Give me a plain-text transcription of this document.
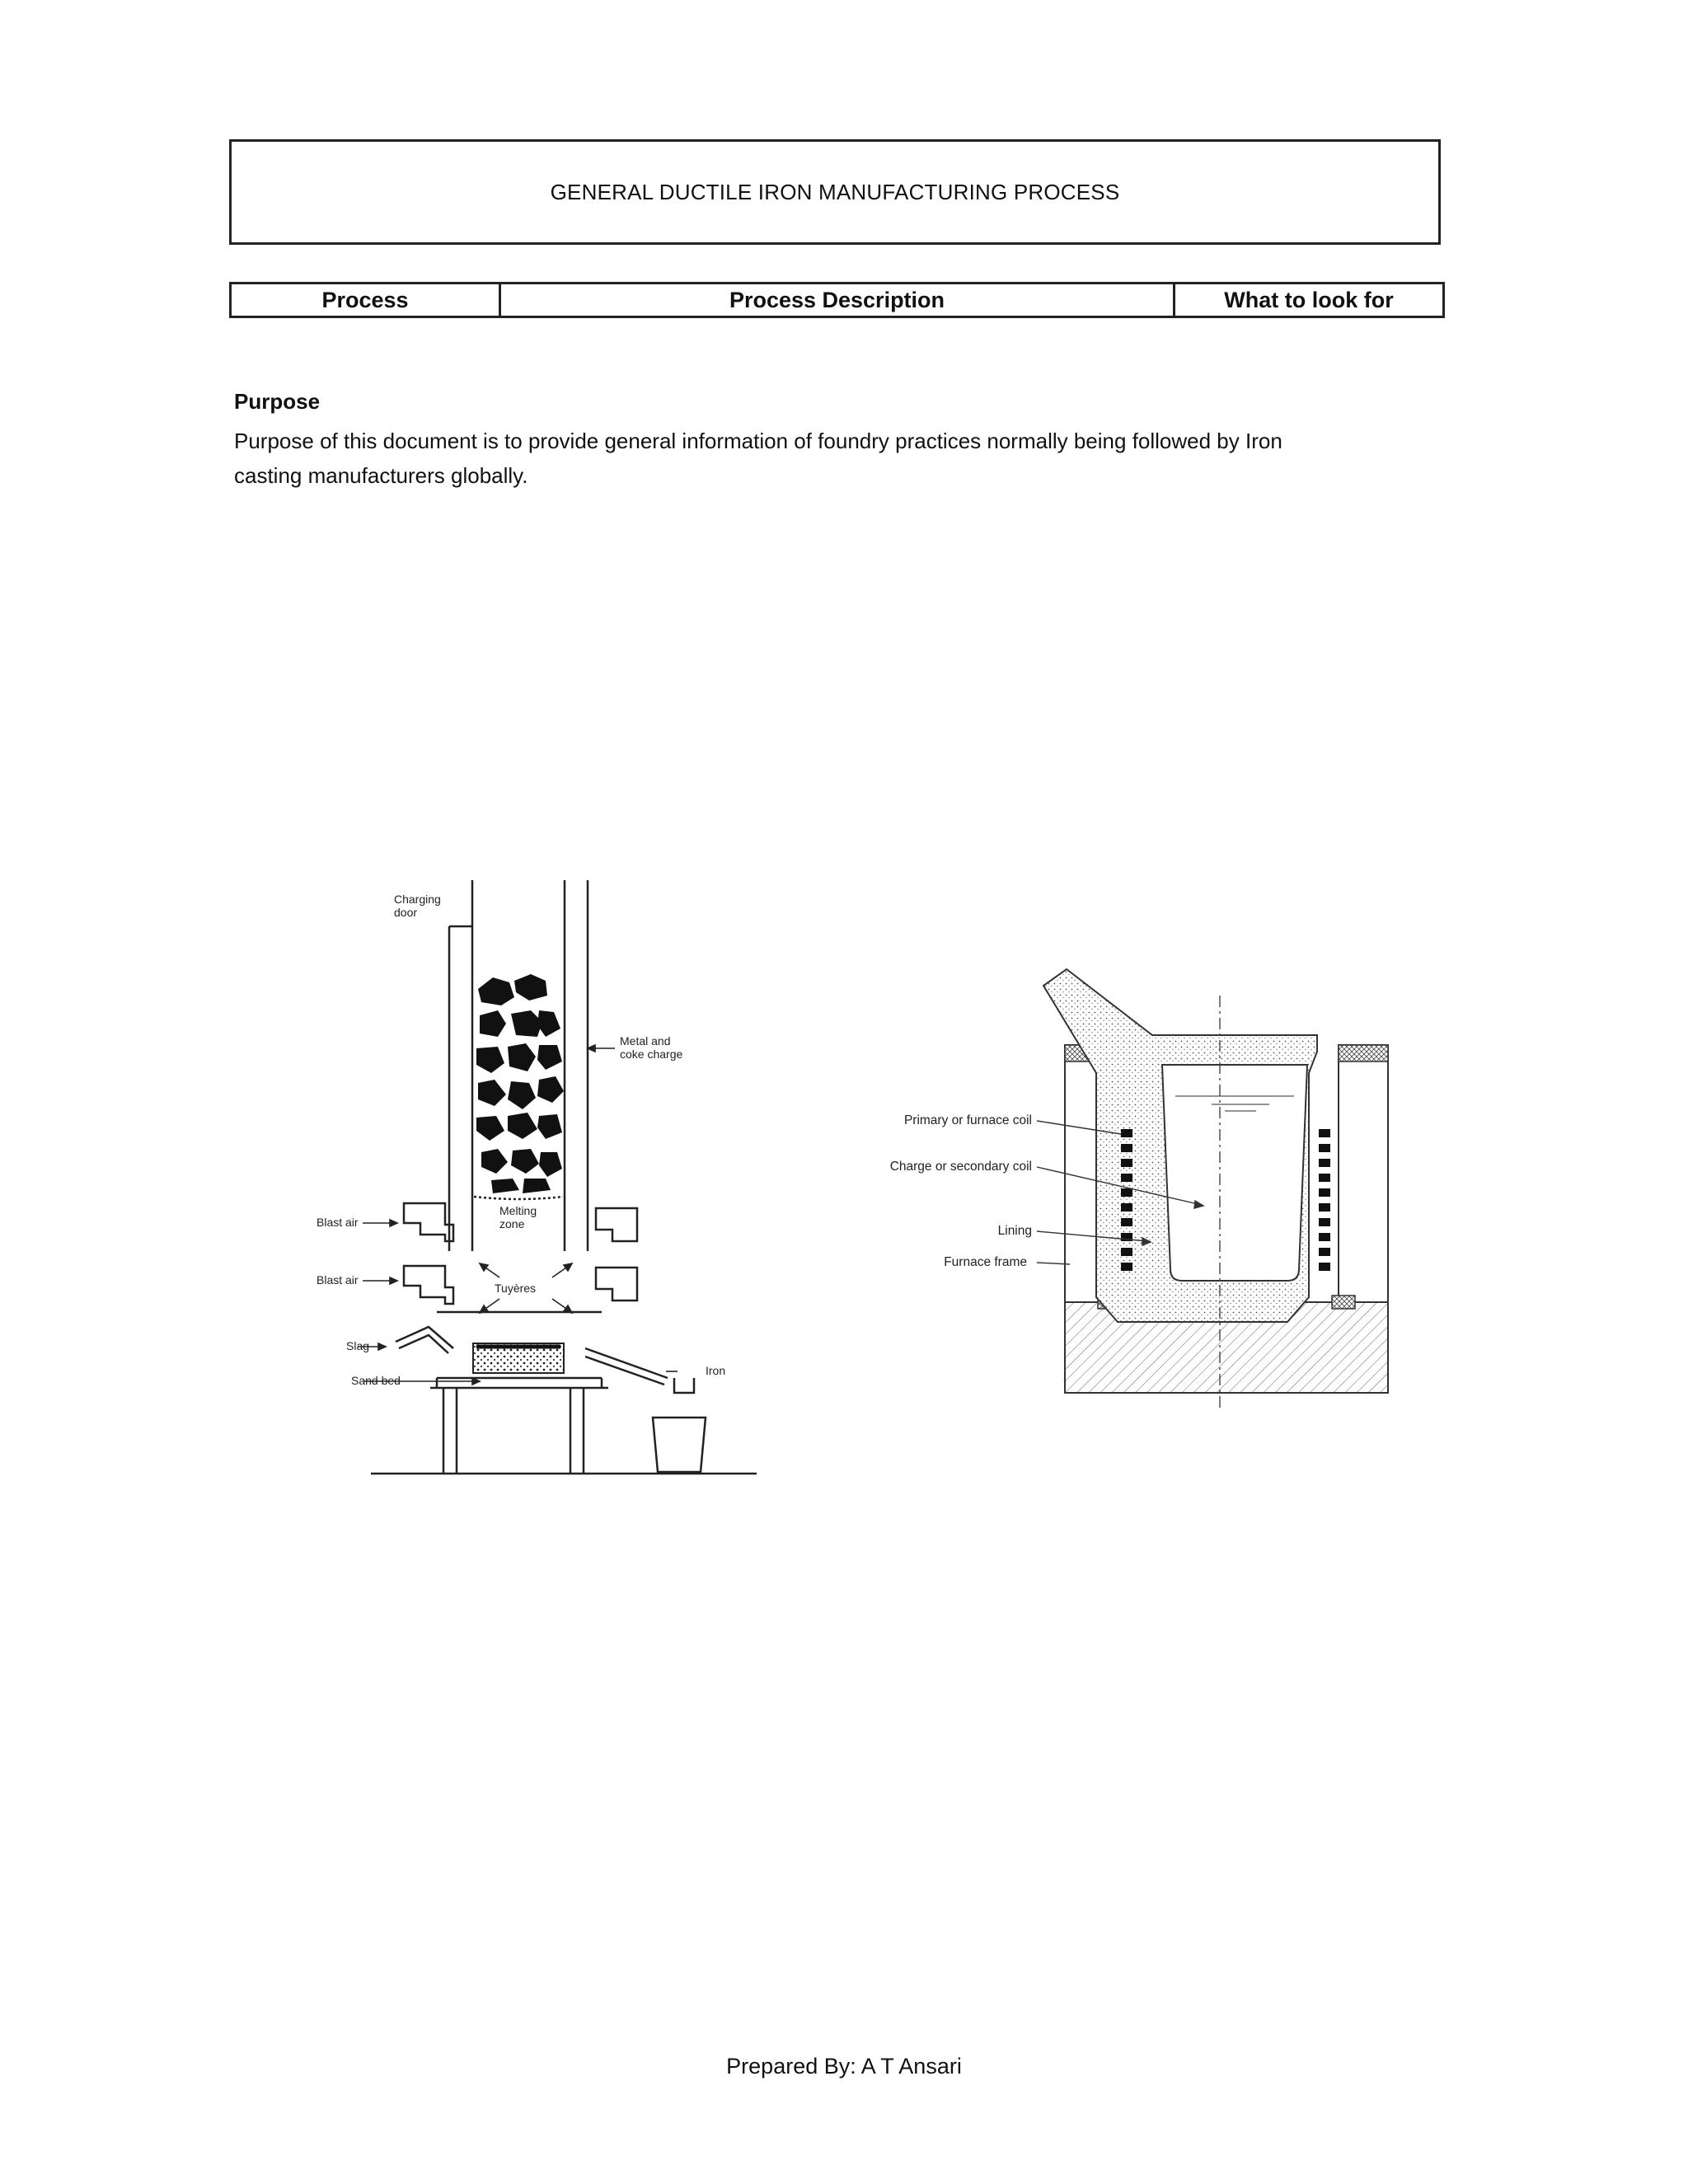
GENERAL DUCTILE IRON MANUFACTURING PROCESS
Process	Process Description	What to look for
Purpose
Purpose of this document is to provide general information of foundry practices normally being followed by Iron casting manufacturers globally.
Charging
door
Metal and
coke charge
Melting
zone
Blast air
Blast air
Tuyères
Slag
Sand bed
Iron
Primary or furnace coil
Charge or secondary coil
Lining
Furnace frame
Prepared By: A T Ansari
